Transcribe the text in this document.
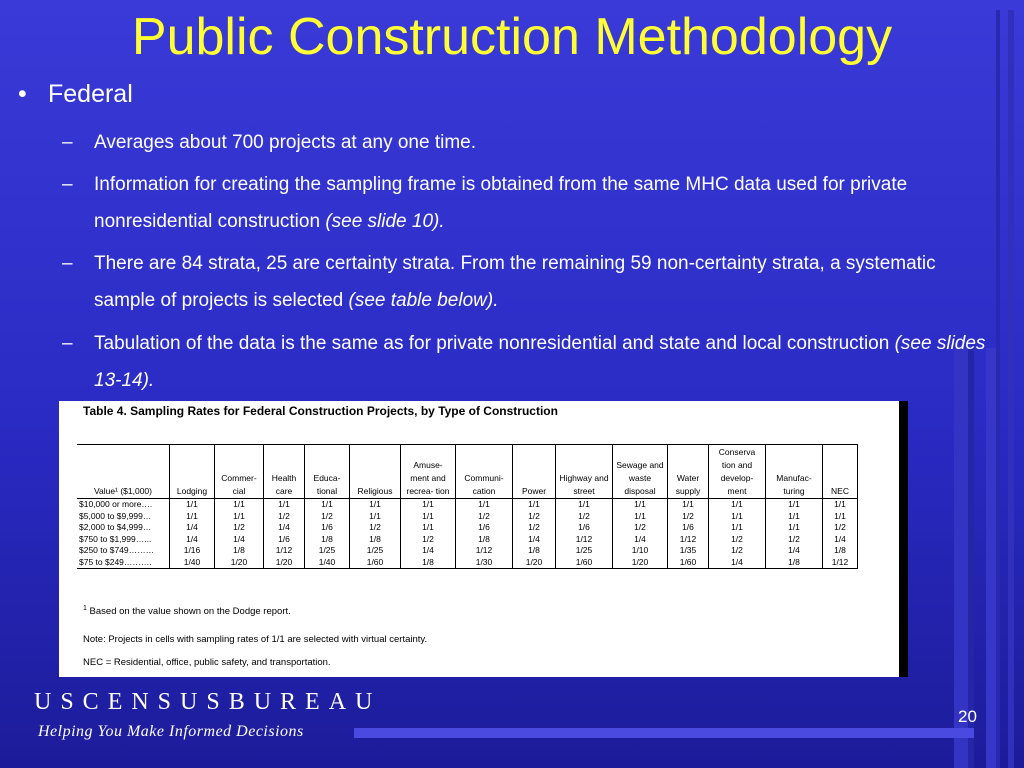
Public Construction Methodology
• Federal
– Averages about 700 projects at any one time.
– Information for creating the sampling frame is obtained from the same MHC data used for private nonresidential construction (see slide 10).
– There are 84 strata, 25 are certainty strata. From the remaining 59 non-certainty strata, a systematic sample of projects is selected (see table below).
– Tabulation of the data is the same as for private nonresidential and state and local construction (see slides 13-14).
Table 4. Sampling Rates for Federal Construction Projects, by Type of Construction
Value¹ ($1,000)	Lodging	Commer- cial	Health care	Educa- tional	Religious	Amuse- ment and recrea- tion	Communi- cation	Power	Highway and street	Sewage and waste disposal	Water supply	Conserva tion and develop- ment	Manufac- turing	NEC
$10,000 or more….	1/1	1/1	1/1	1/1	1/1	1/1	1/1	1/1	1/1	1/1	1/1	1/1	1/1	1/1
$5,000 to $9,999…	1/1	1/1	1/2	1/2	1/1	1/1	1/2	1/2	1/2	1/1	1/2	1/1	1/1	1/1
$2,000 to $4,999…	1/4	1/2	1/4	1/6	1/2	1/1	1/6	1/2	1/6	1/2	1/6	1/1	1/1	1/2
$750 to $1,999…...	1/4	1/4	1/6	1/8	1/8	1/2	1/8	1/4	1/12	1/4	1/12	1/2	1/2	1/4
$250 to $749………	1/16	1/8	1/12	1/25	1/25	1/4	1/12	1/8	1/25	1/10	1/35	1/2	1/4	1/8
$75 to $249……….	1/40	1/20	1/20	1/40	1/60	1/8	1/30	1/20	1/60	1/20	1/60	1/4	1/8	1/12
$^1$ Based on the value shown on the Dodge report.
Note: Projects in cells with sampling rates of 1/1 are selected with virtual certainty.
NEC = Residential, office, public safety, and transportation.
USCENSUSBUREAU
Helping You Make Informed Decisions
20
